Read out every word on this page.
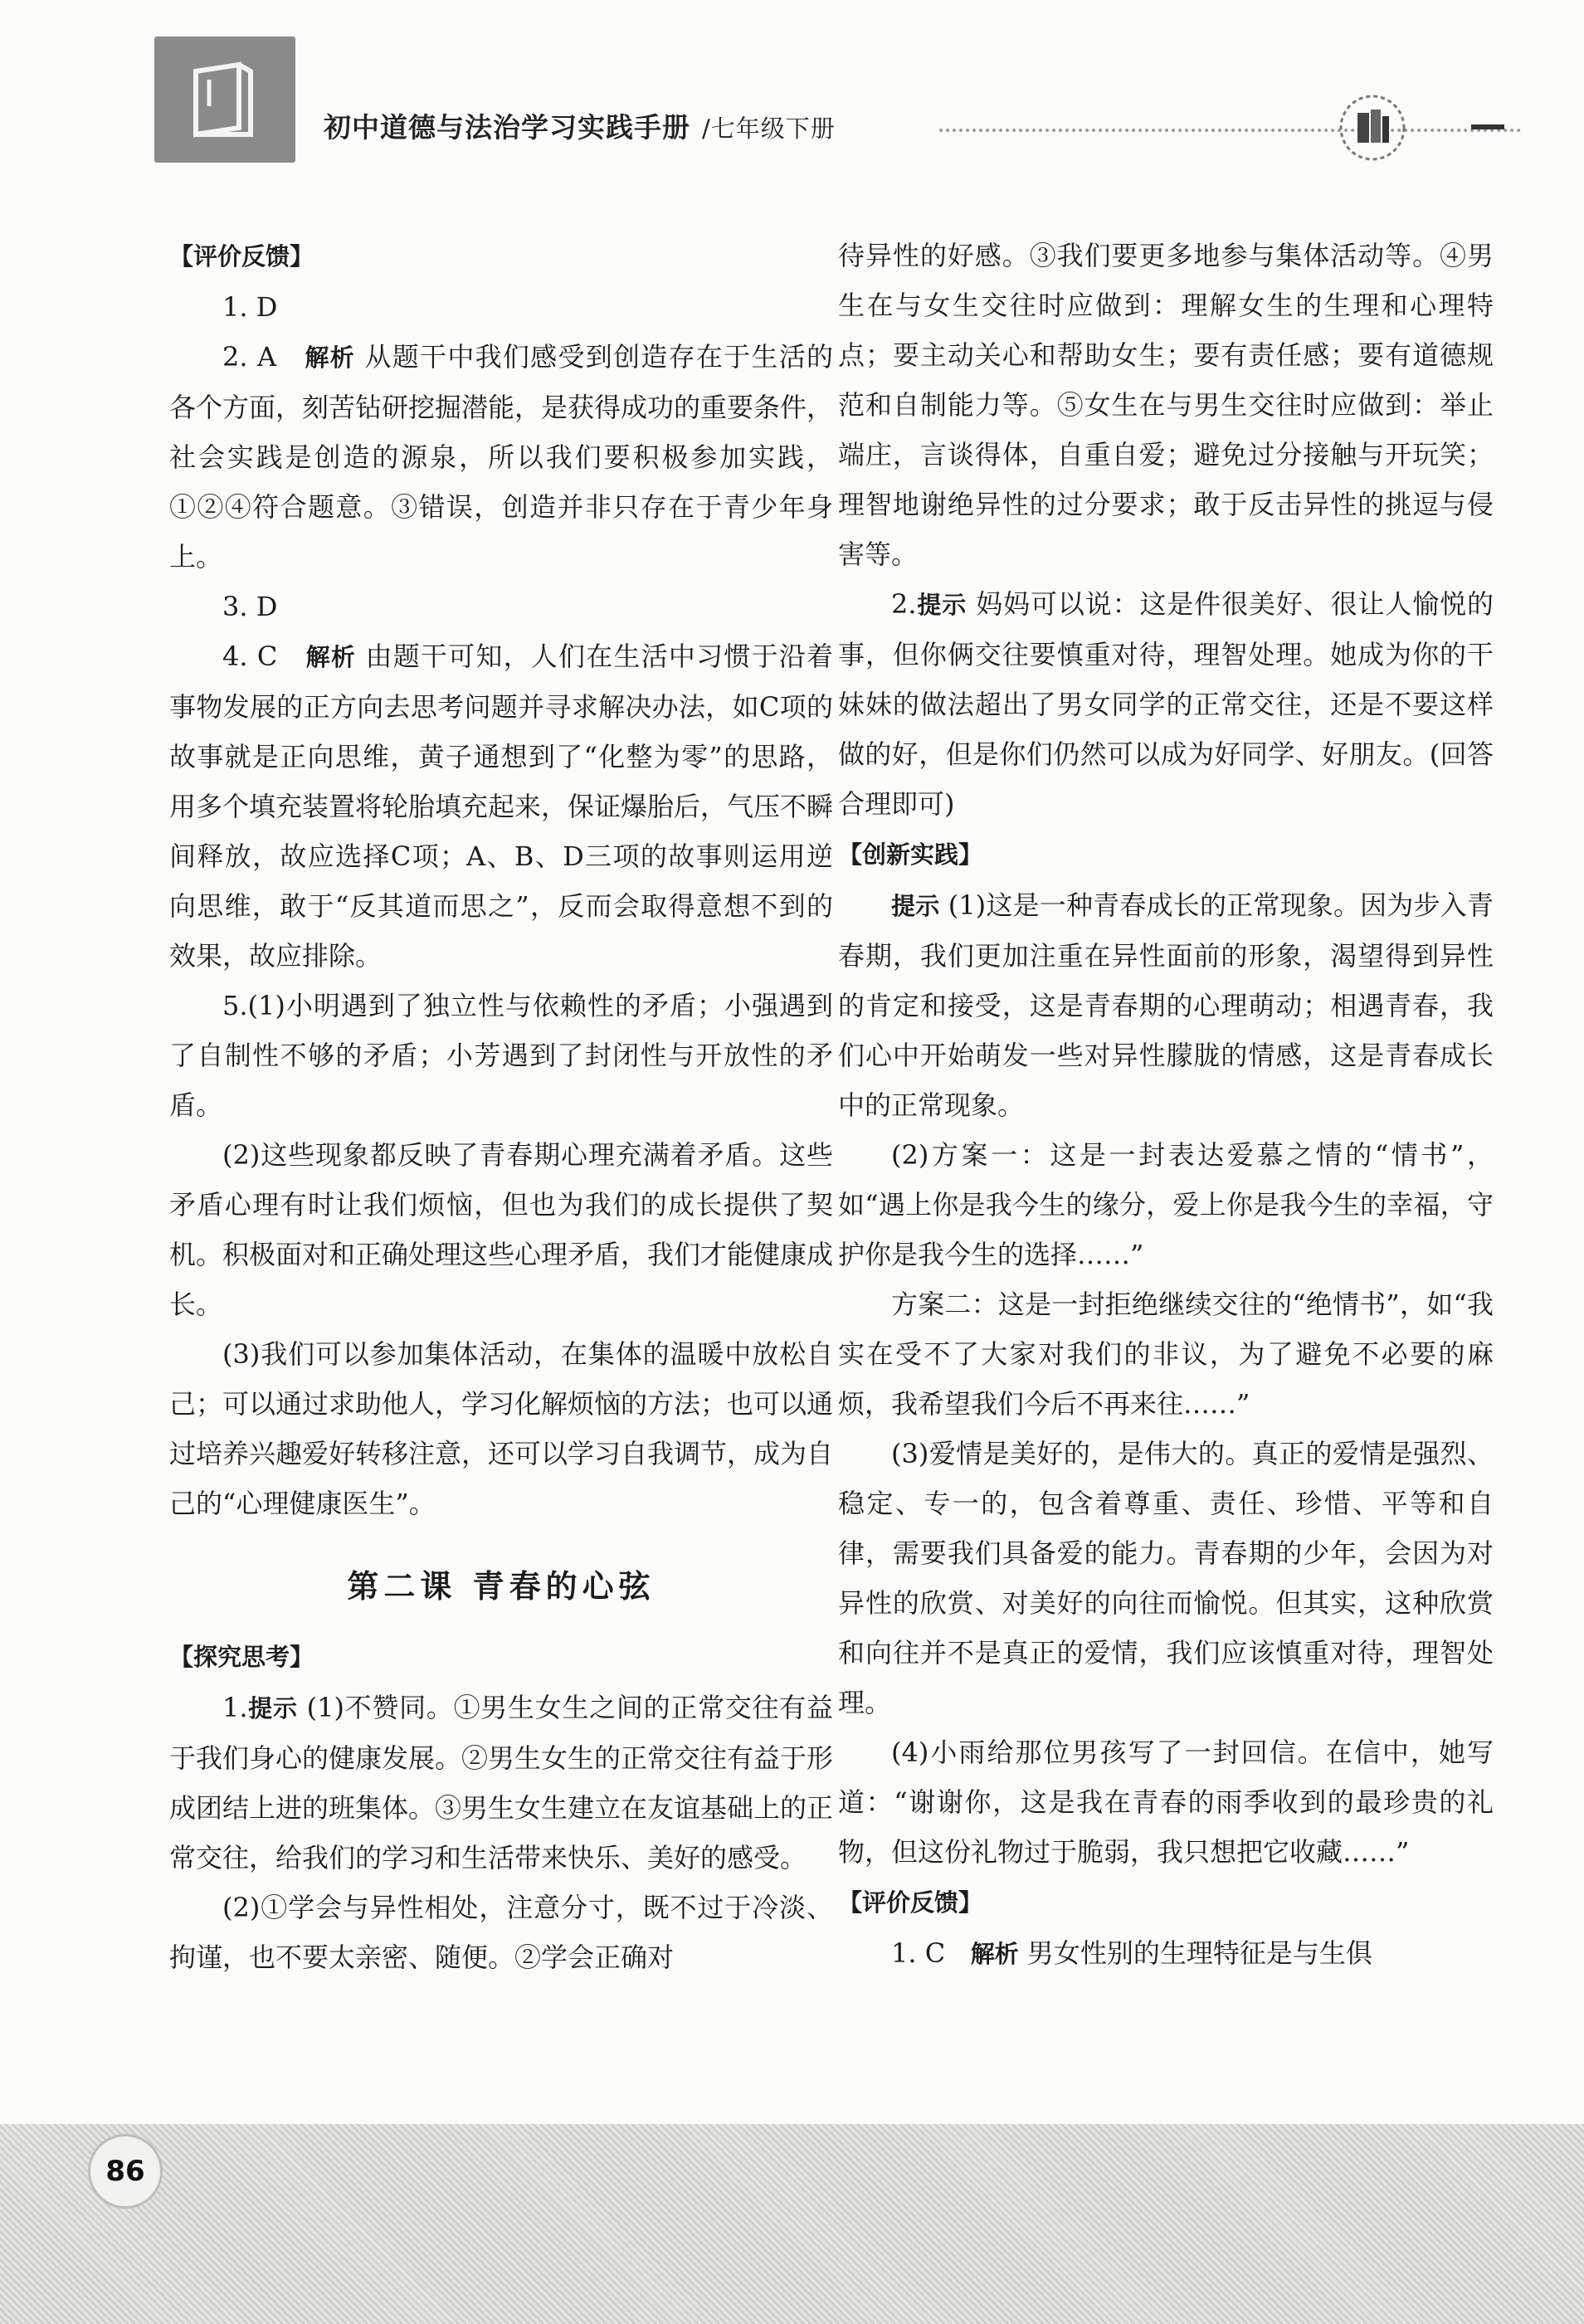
初中道德与法治学习实践手册 /七年级下册

【评价反馈】

1. D

2. A 解析 从题干中我们感受到创造存在于生活的各个方面，刻苦钻研挖掘潜能，是获得成功的重要条件，社会实践是创造的源泉，所以我们要积极参加实践，①②④符合题意。③错误，创造并非只存在于青少年身上。

3. D

4. C 解析 由题干可知，人们在生活中习惯于沿着事物发展的正方向去思考问题并寻求解决办法，如C项的故事就是正向思维，黄子通想到了“化整为零”的思路，用多个填充装置将轮胎填充起来，保证爆胎后，气压不瞬间释放，故应选择C项；A、B、D三项的故事则运用逆向思维，敢于“反其道而思之”，反而会取得意想不到的效果，故应排除。

5.(1)小明遇到了独立性与依赖性的矛盾；小强遇到了自制性不够的矛盾；小芳遇到了封闭性与开放性的矛盾。

(2)这些现象都反映了青春期心理充满着矛盾。这些矛盾心理有时让我们烦恼，但也为我们的成长提供了契机。积极面对和正确处理这些心理矛盾，我们才能健康成长。

(3)我们可以参加集体活动，在集体的温暖中放松自己；可以通过求助他人，学习化解烦恼的方法；也可以通过培养兴趣爱好转移注意，还可以学习自我调节，成为自己的“心理健康医生”。

第二课 青春的心弦

【探究思考】

1.提示 (1)不赞同。①男生女生之间的正常交往有益于我们身心的健康发展。②男生女生的正常交往有益于形成团结上进的班集体。③男生女生建立在友谊基础上的正常交往，给我们的学习和生活带来快乐、美好的感受。

(2)①学会与异性相处，注意分寸，既不过于冷淡、拘谨，也不要太亲密、随便。②学会正确对

待异性的好感。③我们要更多地参与集体活动等。④男生在与女生交往时应做到：理解女生的生理和心理特点；要主动关心和帮助女生；要有责任感；要有道德规范和自制能力等。⑤女生在与男生交往时应做到：举止端庄，言谈得体，自重自爱；避免过分接触与开玩笑；理智地谢绝异性的过分要求；敢于反击异性的挑逗与侵害等。

2.提示 妈妈可以说：这是件很美好、很让人愉悦的事，但你俩交往要慎重对待，理智处理。她成为你的干妹妹的做法超出了男女同学的正常交往，还是不要这样做的好，但是你们仍然可以成为好同学、好朋友。(回答合理即可)

【创新实践】

提示 (1)这是一种青春成长的正常现象。因为步入青春期，我们更加注重在异性面前的形象，渴望得到异性的肯定和接受，这是青春期的心理萌动；相遇青春，我们心中开始萌发一些对异性朦胧的情感，这是青春成长中的正常现象。

(2)方案一：这是一封表达爱慕之情的“情书”，如“遇上你是我今生的缘分，爱上你是我今生的幸福，守护你是我今生的选择……”

方案二：这是一封拒绝继续交往的“绝情书”，如“我实在受不了大家对我们的非议，为了避免不必要的麻烦，我希望我们今后不再来往……”

(3)爱情是美好的，是伟大的。真正的爱情是强烈、稳定、专一的，包含着尊重、责任、珍惜、平等和自律，需要我们具备爱的能力。青春期的少年，会因为对异性的欣赏、对美好的向往而愉悦。但其实，这种欣赏和向往并不是真正的爱情，我们应该慎重对待，理智处理。

(4)小雨给那位男孩写了一封回信。在信中，她写道：“谢谢你，这是我在青春的雨季收到的最珍贵的礼物，但这份礼物过于脆弱，我只想把它收藏……”

【评价反馈】

1. C 解析 男女性别的生理特征是与生俱

86
